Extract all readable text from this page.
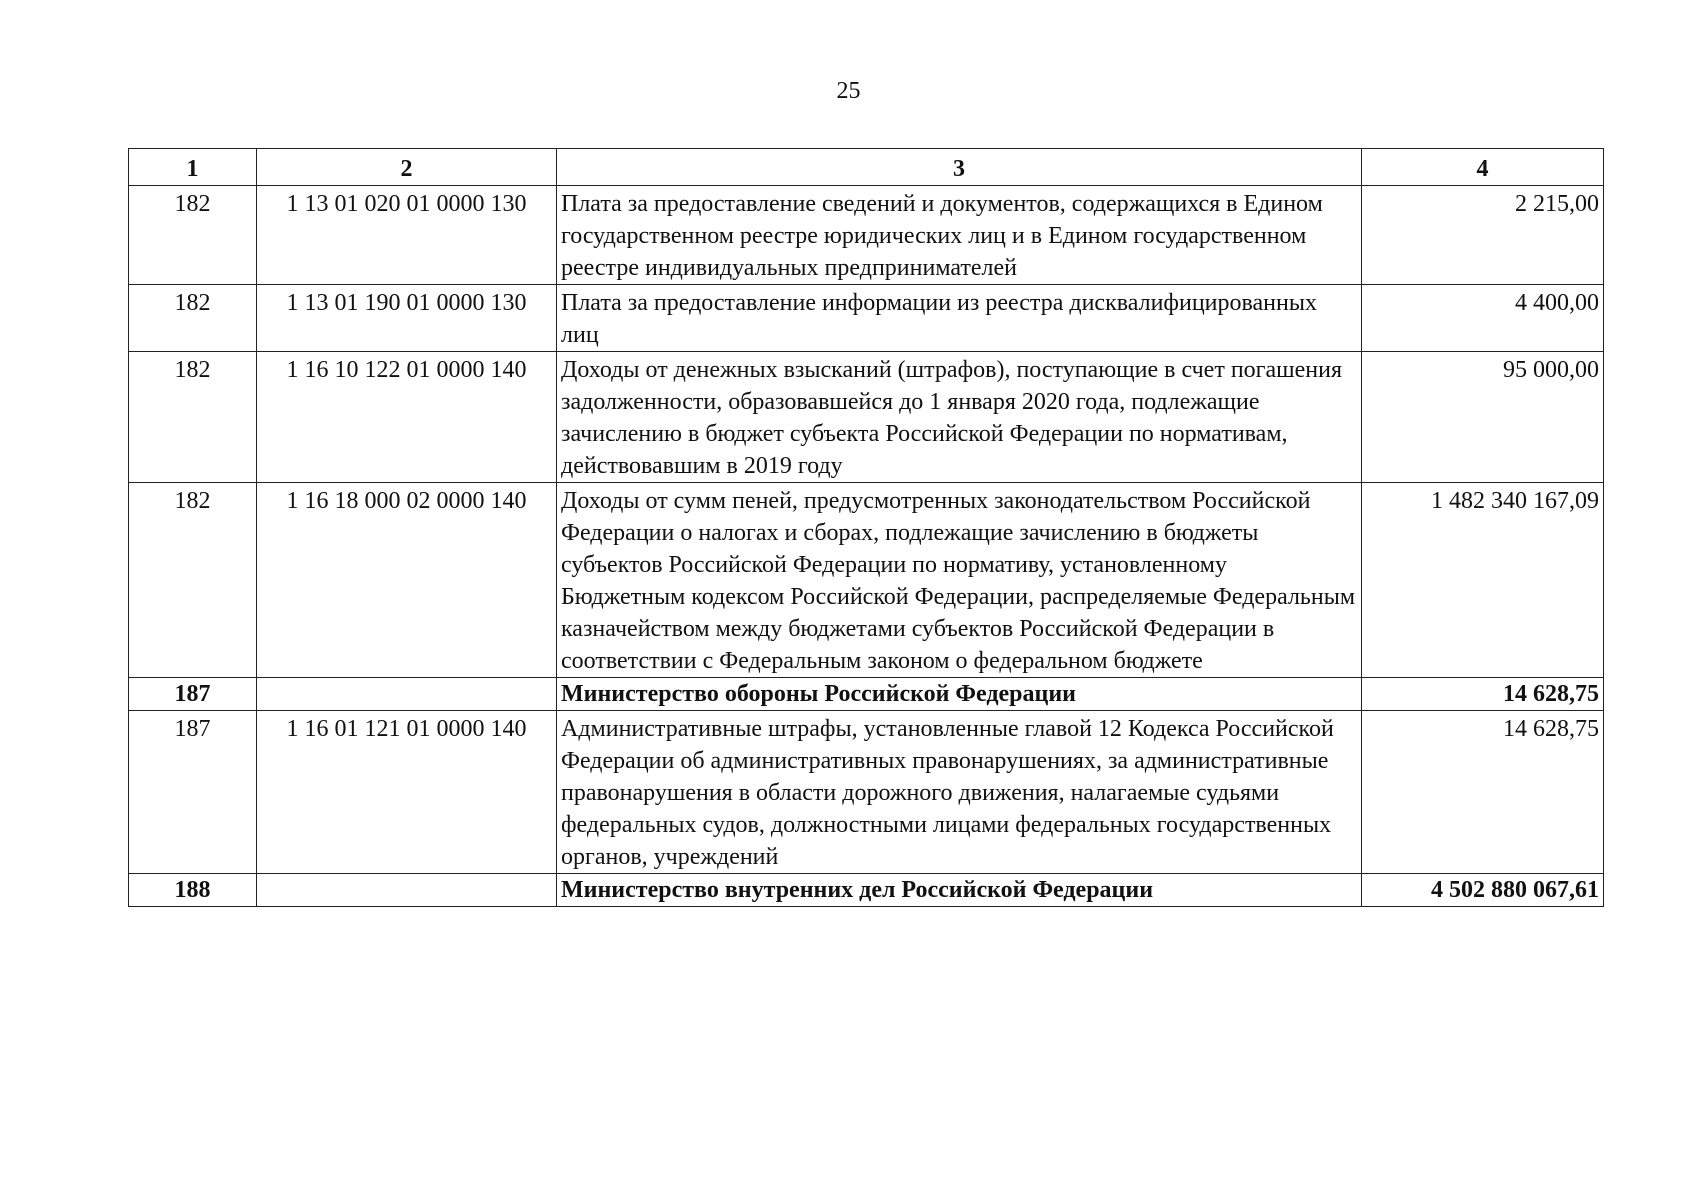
25
1	2	3	4
182	1 13 01 020 01 0000 130	Плата за предоставление сведений и документов, содержащихся в Едином государственном реестре юридических лиц и в Едином государственном реестре индивидуальных предпринимателей	2 215,00
182	1 13 01 190 01 0000 130	Плата за предоставление информации из реестра дисквалифицированных лиц	4 400,00
182	1 16 10 122 01 0000 140	Доходы от денежных взысканий (штрафов), поступающие в счет погашения задолженности, образовавшейся до 1 января 2020 года, подлежащие зачислению в бюджет субъекта Российской Федерации по нормативам, действовавшим в 2019 году	95 000,00
182	1 16 18 000 02 0000 140	Доходы от сумм пеней, предусмотренных законодательством Российской Федерации о налогах и сборах, подлежащие зачислению в бюджеты субъектов Российской Федерации по нормативу, установленному Бюджетным кодексом Российской Федерации, распределяемые Федеральным казначейством между бюджетами субъектов Российской Федерации в соответствии с Федеральным законом о федеральном бюджете	1 482 340 167,09
187		Министерство обороны Российской Федерации	14 628,75
187	1 16 01 121 01 0000 140	Административные штрафы, установленные главой 12 Кодекса Российской Федерации об административных правонарушениях, за административные правонарушения в области дорожного движения, налагаемые судьями федеральных судов, должностными лицами федеральных государственных органов, учреждений	14 628,75
188		Министерство внутренних дел Российской Федерации	4 502 880 067,61
